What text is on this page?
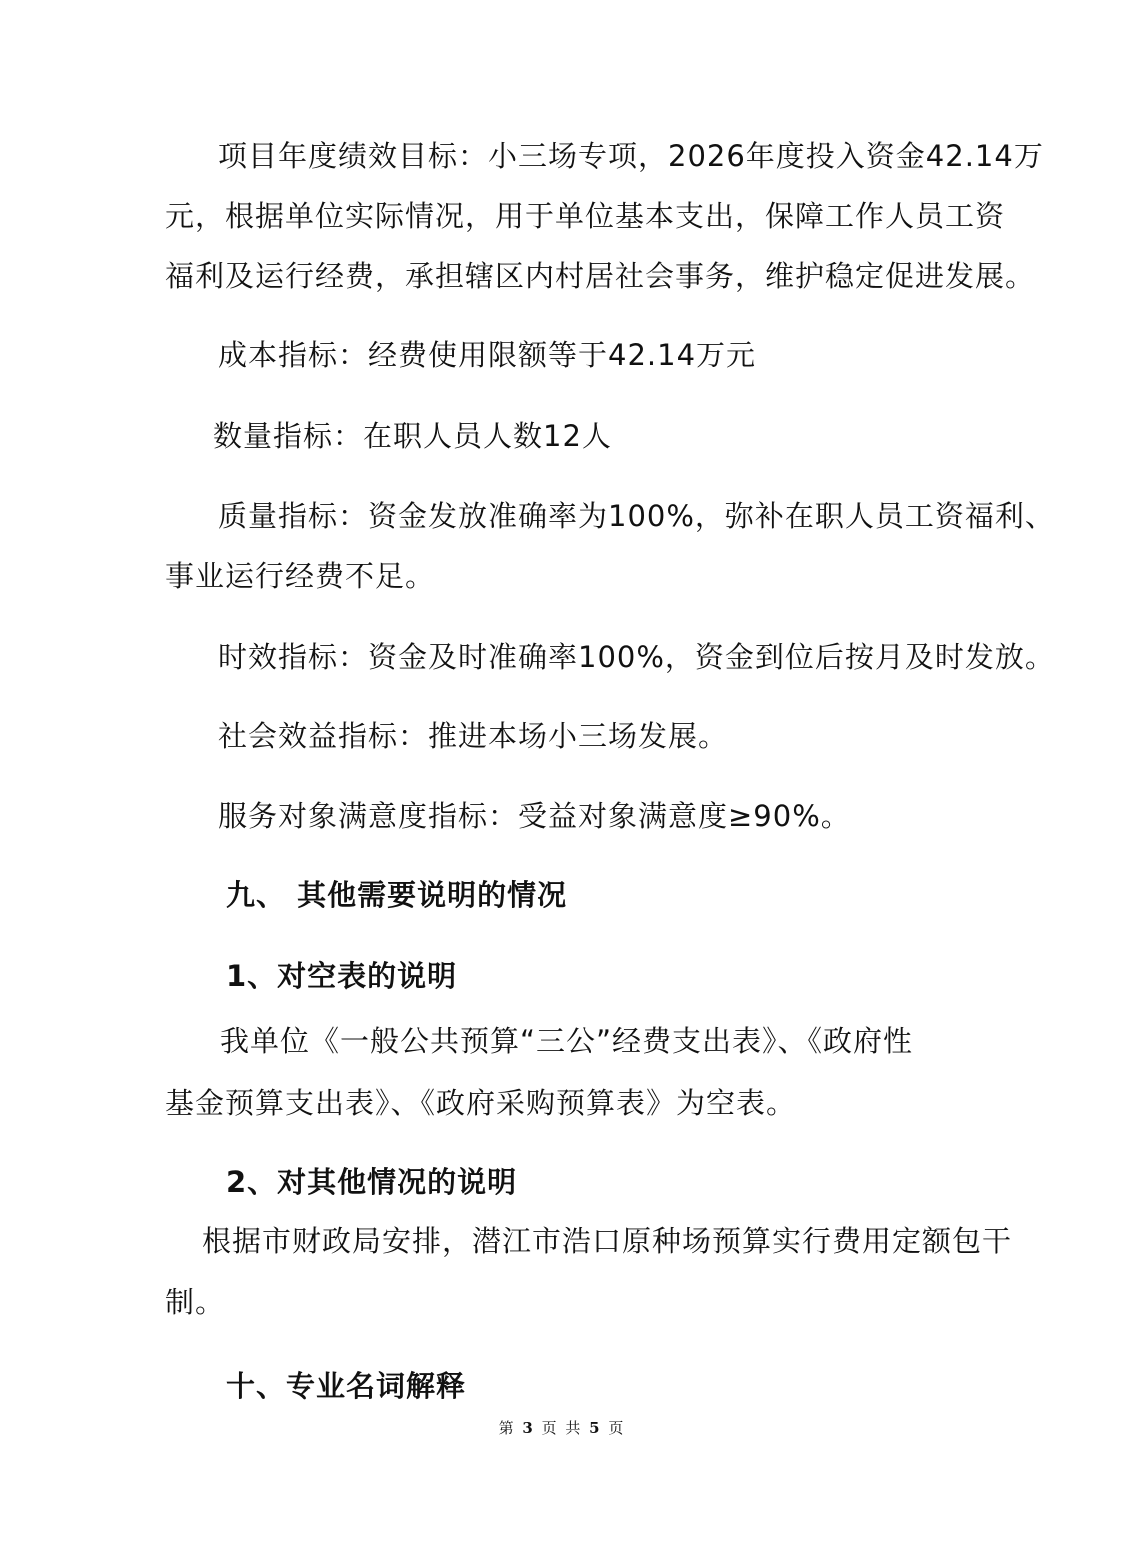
项目年度绩效目标：小三场专项，2026年度投入资金42.14万
元，根据单位实际情况，用于单位基本支出，保障工作人员工资
福利及运行经费，承担辖区内村居社会事务，维护稳定促进发展。
成本指标：经费使用限额等于42.14万元
数量指标：在职人员人数12人
质量指标：资金发放准确率为100%，弥补在职人员工资福利、
事业运行经费不足。
时效指标：资金及时准确率100%，资金到位后按月及时发放。
社会效益指标：推进本场小三场发展。
服务对象满意度指标：受益对象满意度≥90%。
九、 其他需要说明的情况
1、对空表的说明
我单位《一般公共预算“三公”经费支出表》、《政府性
基金预算支出表》、《政府采购预算表》为空表。
2、对其他情况的说明
根据市财政局安排，潜江市浩口原种场预算实行费用定额包干
制。
十、专业名词解释
第 3 页 共 5 页
